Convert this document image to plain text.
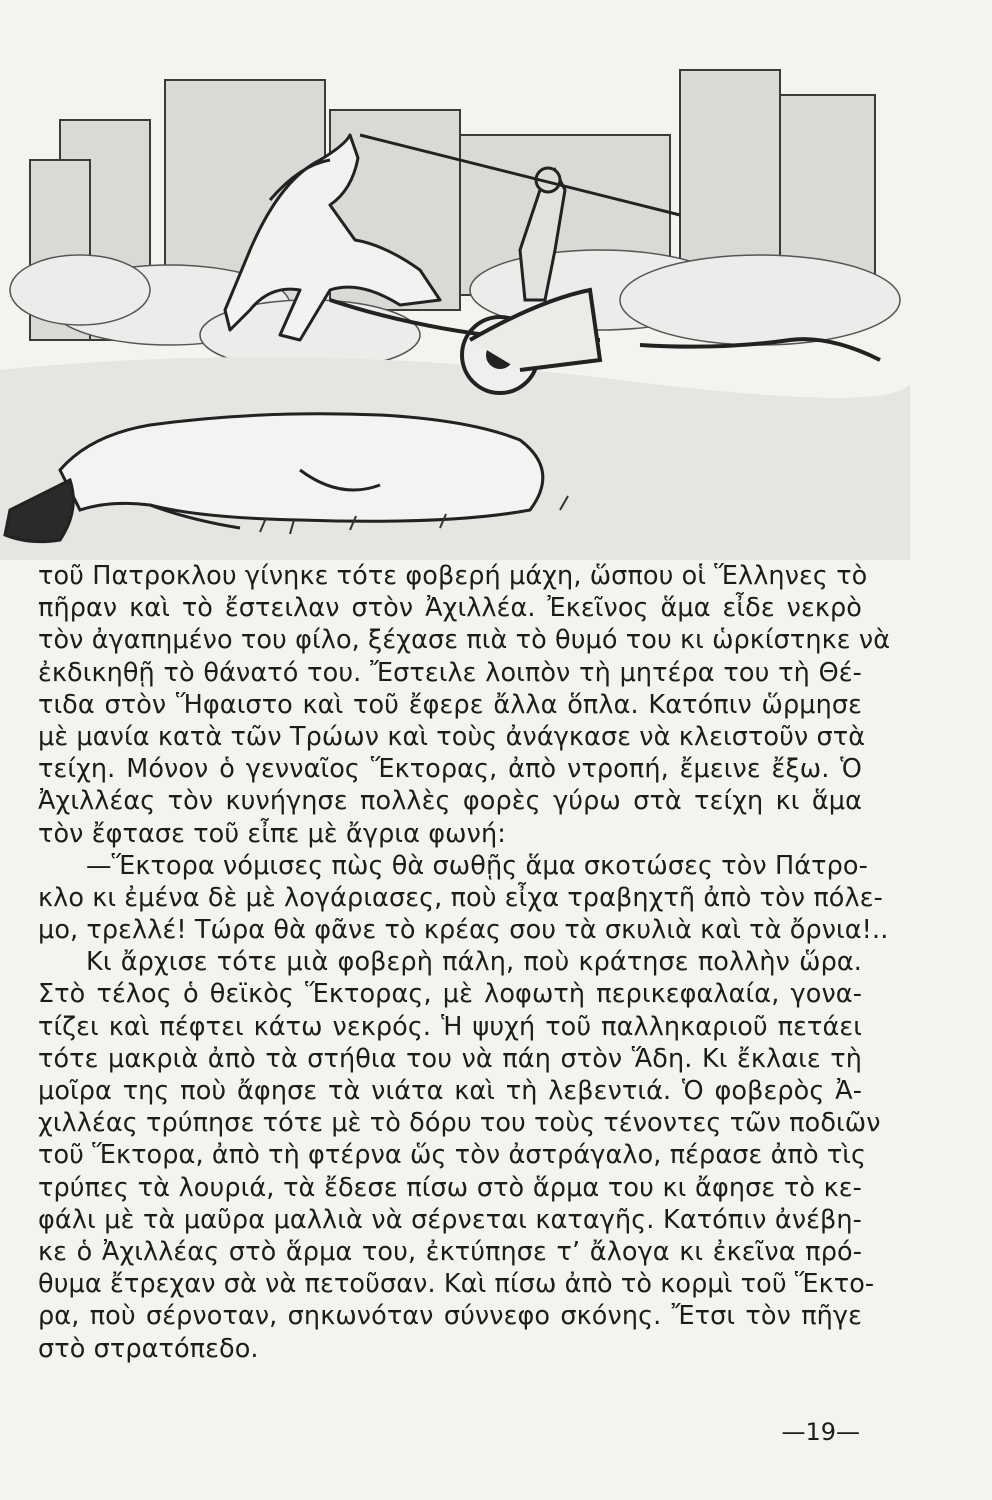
τοῦ Πατροκλου γίνηκε τότε φοβερή μάχη, ὥσπου οἱ Ἕλληνες τὸ
πῆραν καὶ τὸ ἔστειλαν στὸν Ἀχιλλέα. Ἐκεῖνος ἅμα εἶδε νεκρὸ
τὸν ἀγαπημένο του φίλο, ξέχασε πιὰ τὸ θυμό του κι ὡρκίστηκε νὰ
ἐκδικηθῇ τὸ θάνατό του. Ἔστειλε λοιπὸν τὴ μητέρα του τὴ Θέ-
τιδα στὸν Ἥφαιστο καὶ τοῦ ἔφερε ἄλλα ὅπλα. Κατόπιν ὥρμησε
μὲ μανία κατὰ τῶν Τρώων καὶ τοὺς ἀνάγκασε νὰ κλειστοῦν στὰ
τείχη. Μόνον ὁ γενναῖος Ἕκτορας, ἀπὸ ντροπή, ἔμεινε ἔξω. Ὁ
Ἀχιλλέας τὸν κυνήγησε πολλὲς φορὲς γύρω στὰ τείχη κι ἅμα
τὸν ἔφτασε τοῦ εἶπε μὲ ἄγρια φωνή:
—Ἕκτορα νόμισες πὼς θὰ σωθῇς ἅμα σκοτώσες τὸν Πάτρο-
κλο κι ἐμένα δὲ μὲ λογάριασες, ποὺ εἶχα τραβηχτῆ ἀπὸ τὸν πόλε-
μο, τρελλέ! Τώρα θὰ φᾶνε τὸ κρέας σου τὰ σκυλιὰ καὶ τὰ ὄρνια!..
Κι ἄρχισε τότε μιὰ φοβερὴ πάλη, ποὺ κράτησε πολλὴν ὥρα.
Στὸ τέλος ὁ θεϊκὸς Ἕκτορας, μὲ λοφωτὴ περικεφαλαία, γονα-
τίζει καὶ πέφτει κάτω νεκρός. Ἡ ψυχή τοῦ παλληκαριοῦ πετάει
τότε μακριὰ ἀπὸ τὰ στήθια του νὰ πάη στὸν Ἅδη. Κι ἔκλαιε τὴ
μοῖρα της ποὺ ἄφησε τὰ νιάτα καὶ τὴ λεβεντιά. Ὁ φοβερὸς Ἀ-
χιλλέας τρύπησε τότε μὲ τὸ δόρυ του τοὺς τένοντες τῶν ποδιῶν
τοῦ Ἕκτορα, ἀπὸ τὴ φτέρνα ὥς τὸν ἀστράγαλο, πέρασε ἀπὸ τὶς
τρύπες τὰ λουριά, τὰ ἔδεσε πίσω στὸ ἅρμα του κι ἄφησε τὸ κε-
φάλι μὲ τὰ μαῦρα μαλλιὰ νὰ σέρνεται καταγῆς. Κατόπιν ἀνέβη-
κε ὁ Ἀχιλλέας στὸ ἅρμα του, ἐκτύπησε τ’ ἄλογα κι ἐκεῖνα πρό-
θυμα ἔτρεχαν σὰ νὰ πετοῦσαν. Καὶ πίσω ἀπὸ τὸ κορμὶ τοῦ Ἕκτο-
ρα, ποὺ σέρνοταν, σηκωνόταν σύννεφο σκόνης. Ἔτσι τὸν πῆγε
στὸ στρατόπεδο.
—19—
